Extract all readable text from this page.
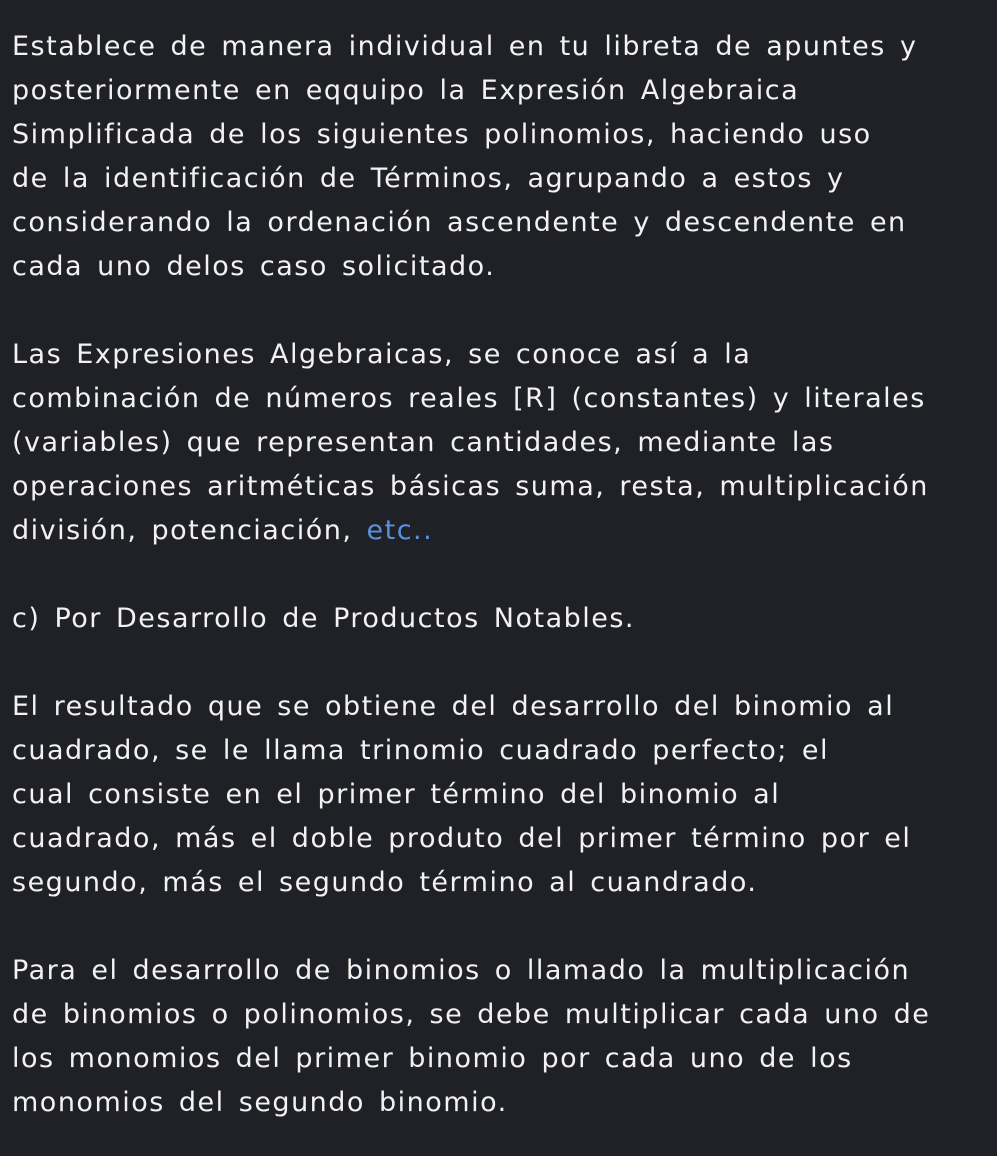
Establece de manera individual en tu libreta de apuntes y
posteriormente en eqquipo la Expresión Algebraica
Simplificada de los siguientes polinomios, haciendo uso
de la identificación de Términos, agrupando a estos y
considerando la ordenación ascendente y descendente en
cada uno delos caso solicitado.
Las Expresiones Algebraicas, se conoce así a la
combinación de números reales [R] (constantes) y literales
(variables) que representan cantidades, mediante las
operaciones aritméticas básicas suma, resta, multiplicación
división, potenciación, etc..
c) Por Desarrollo de Productos Notables.
El resultado que se obtiene del desarrollo del binomio al
cuadrado, se le llama trinomio cuadrado perfecto; el
cual consiste en el primer término del binomio al
cuadrado, más el doble produto del primer término por el
segundo, más el segundo término al cuandrado.
Para el desarrollo de binomios o llamado la multiplicación
de binomios o polinomios, se debe multiplicar cada uno de
los monomios del primer binomio por cada uno de los
monomios del segundo binomio.
